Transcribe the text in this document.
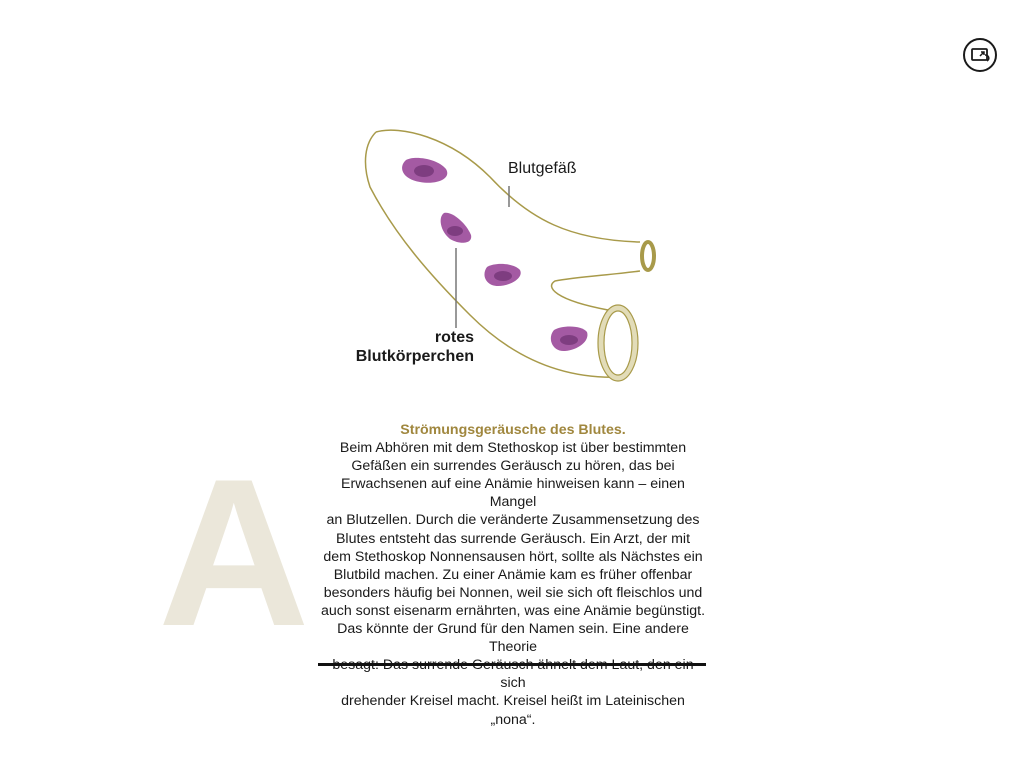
Blutgefäß
rotes
Blutkörperchen
A
Strömungsgeräusche des Blutes.
Beim Abhören mit dem Stethoskop ist über bestimmten
Gefäßen ein surrendes Geräusch zu hören, das bei
Erwachsenen auf eine Anämie hinweisen kann – einen Mangel
an Blutzellen. Durch die veränderte Zusammensetzung des
Blutes entsteht das surrende Geräusch. Ein Arzt, der mit
dem Stethoskop Nonnensausen hört, sollte als Nächstes ein
Blutbild machen. Zu einer Anämie kam es früher offenbar
besonders häufig bei Nonnen, weil sie sich oft fleischlos und
auch sonst eisenarm ernährten, was eine Anämie begünstigt.
Das könnte der Grund für den Namen sein. Eine andere Theorie
sich
drehender Kreisel macht. Kreisel heißt im Lateinischen „nona“.
